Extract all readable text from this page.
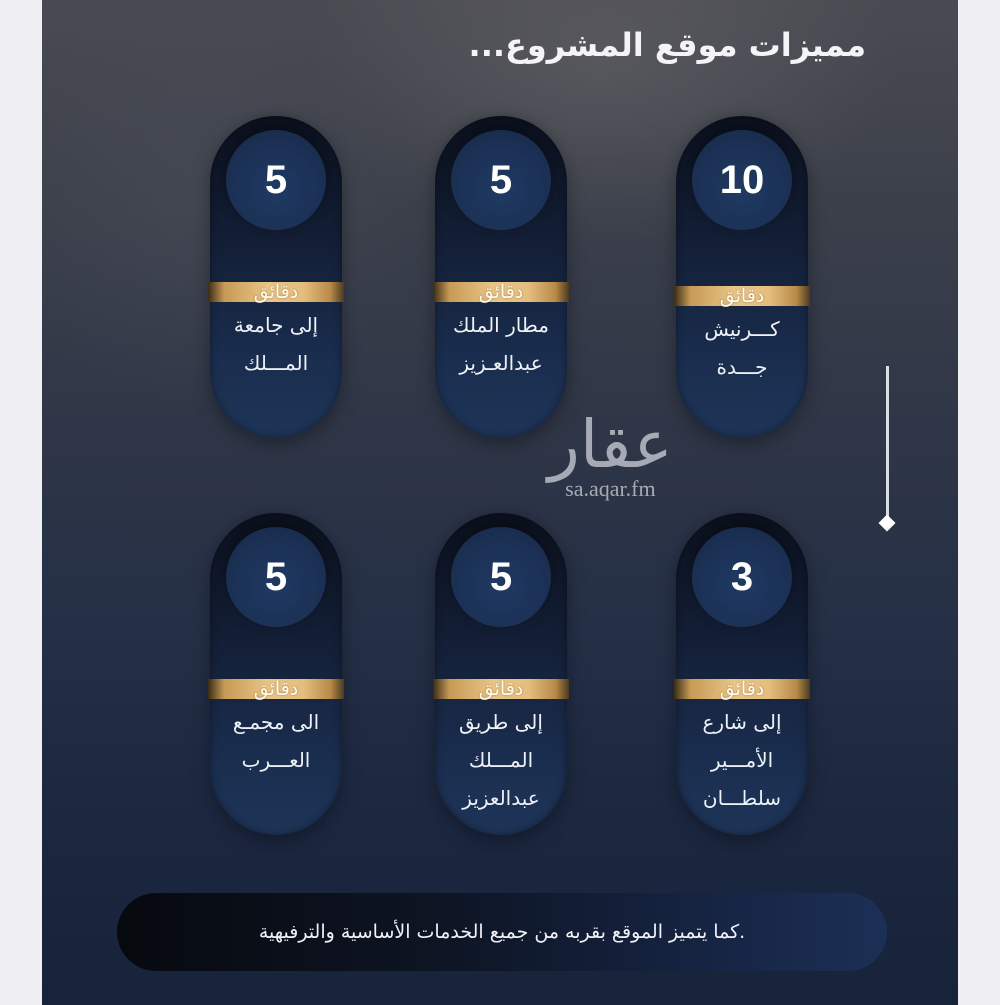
مميزات موقع المشروع...
10
دقائق
كـــرنيش
جـــدة
5
دقائق
مطار الملك
عبدالعـزيز
5
دقائق
إلى جامعة
المـــلك
3
دقائق
إلى شارع
الأمـــير
سلطـــان
5
دقائق
إلى طريق
المـــلك
عبدالعزيز
5
دقائق
الى مجمـع
العـــرب
عقار
sa.aqar.fm
.كما يتميز الموقع بقربه من جميع الخدمات الأساسية والترفيهية
